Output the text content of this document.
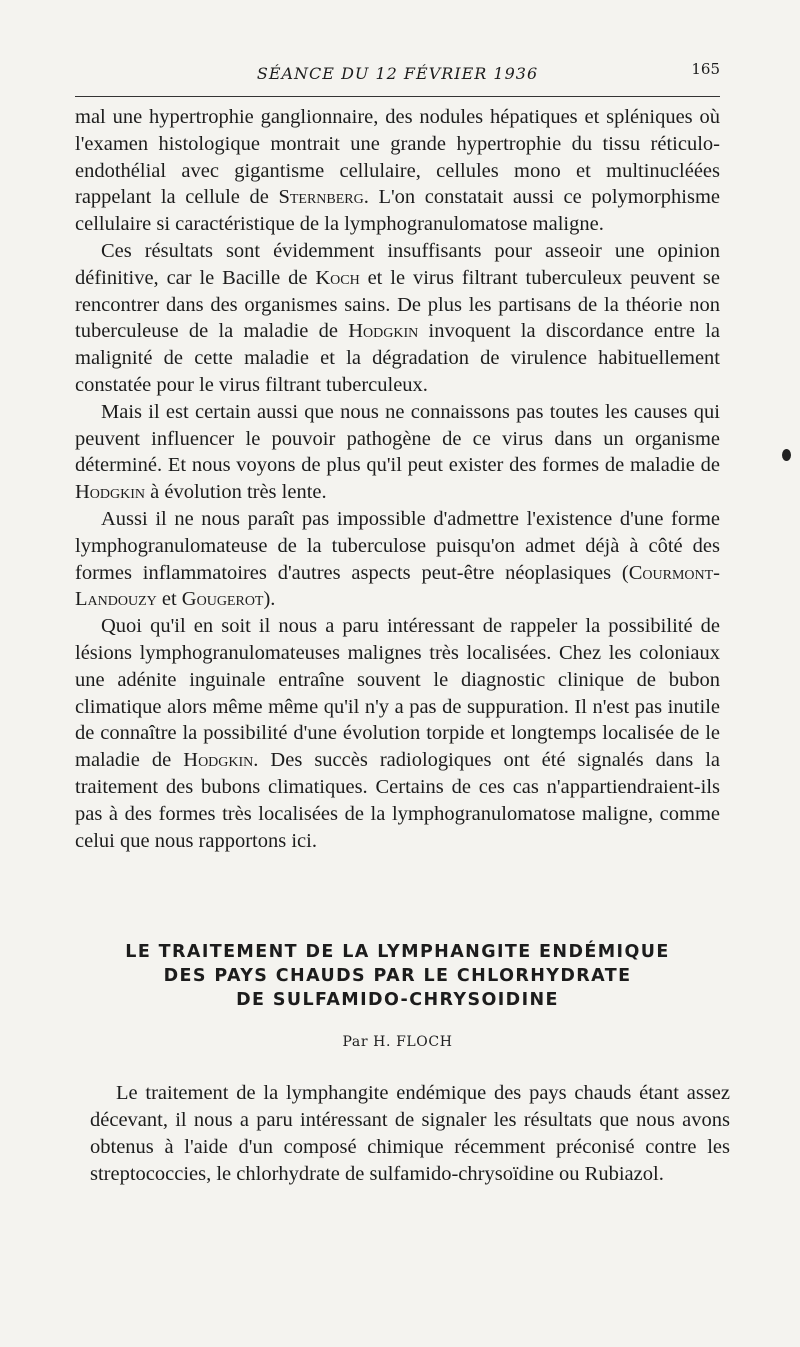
SÉANCE DU 12 FÉVRIER 1936	165

mal une hypertrophie ganglionnaire, des nodules hépatiques et spléniques où l'examen histologique montrait une grande hypertrophie du tissu réticulo-endothélial avec gigantisme cellulaire, cellules mono et multinucléées rappelant la cellule de Sternberg. L'on constatait aussi ce polymorphisme cellulaire si caractéristique de la lymphogranulomatose maligne.

Ces résultats sont évidemment insuffisants pour asseoir une opinion définitive, car le Bacille de Koch et le virus filtrant tuberculeux peuvent se rencontrer dans des organismes sains. De plus les partisans de la théorie non tuberculeuse de la maladie de Hodgkin invoquent la discordance entre la malignité de cette maladie et la dégradation de virulence habituellement constatée pour le virus filtrant tuberculeux.

Mais il est certain aussi que nous ne connaissons pas toutes les causes qui peuvent influencer le pouvoir pathogène de ce virus dans un organisme déterminé. Et nous voyons de plus qu'il peut exister des formes de maladie de Hodgkin à évolution très lente.

Aussi il ne nous paraît pas impossible d'admettre l'existence d'une forme lymphogranulomateuse de la tuberculose puisqu'on admet déjà à côté des formes inflammatoires d'autres aspects peut-être néoplasiques (Courmont-Landouzy et Gougerot).

Quoi qu'il en soit il nous a paru intéressant de rappeler la possibilité de lésions lymphogranulomateuses malignes très localisées. Chez les coloniaux une adénite inguinale entraîne souvent le diagnostic clinique de bubon climatique alors même même qu'il n'y a pas de suppuration. Il n'est pas inutile de connaître la possibilité d'une évolution torpide et longtemps localisée de le maladie de Hodgkin. Des succès radiologiques ont été signalés dans la traitement des bubons climatiques. Certains de ces cas n'appartiendraient-ils pas à des formes très localisées de la lymphogranulomatose maligne, comme celui que nous rapportons ici.

LE TRAITEMENT DE LA LYMPHANGITE ENDÉMIQUE
DES PAYS CHAUDS PAR LE CHLORHYDRATE
DE SULFAMIDO-CHRYSOIDINE
Par H. FLOCH

Le traitement de la lymphangite endémique des pays chauds étant assez décevant, il nous a paru intéressant de signaler les résultats que nous avons obtenus à l'aide d'un composé chimique récemment préconisé contre les streptococcies, le chlorhydrate de sulfamido-chrysoïdine ou Rubiazol.
